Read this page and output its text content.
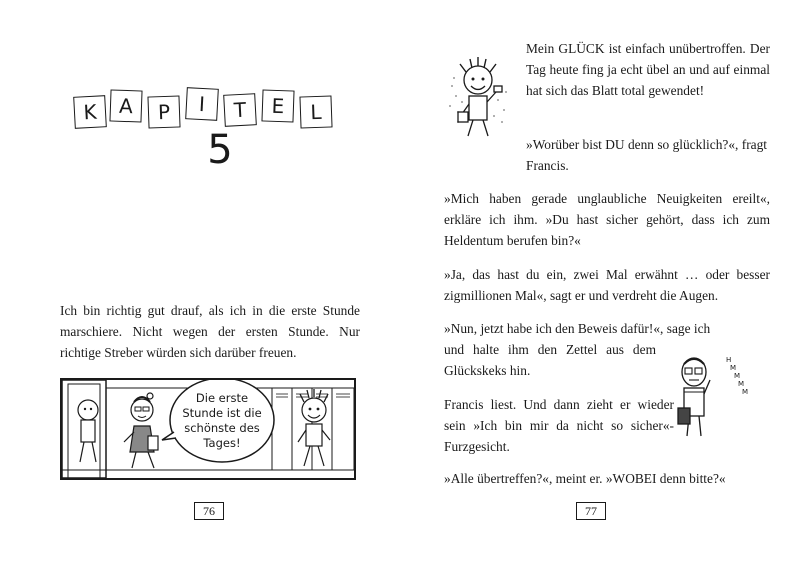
K	A	P	I	T	E	L
5

Ich bin richtig gut drauf, als ich in die erste Stunde marschiere. Nicht wegen der ersten Stunde. Nur richtige Streber würden sich darüber freuen.

Die erste
Stunde ist die
schönste des
Tages!
76

Mein GLÜCK ist einfach unübertroffen. Der Tag heute fing ja echt übel an und auf einmal hat sich das Blatt total gewendet!

»Worüber bist DU denn so glücklich?«, fragt Francis.

»Mich haben gerade unglaubliche Neuigkeiten ereilt«, erkläre ich ihm. »Du hast sicher gehört, dass ich zum Heldentum berufen bin?«

»Ja, das hast du ein, zwei Mal erwähnt … oder besser zigmillionen Mal«, sagt er und verdreht die Augen.

»Nun, jetzt habe ich den Beweis dafür!«, sage ich
und halte ihm den Zettel aus dem Glückskeks hin.

Francis liest. Und dann zieht er wieder sein »Ich bin mir da nicht so sicher«-Furzgesicht.

»Alle übertreffen?«, meint er. »WOBEI denn bitte?«

H
M
M
M
M
77
